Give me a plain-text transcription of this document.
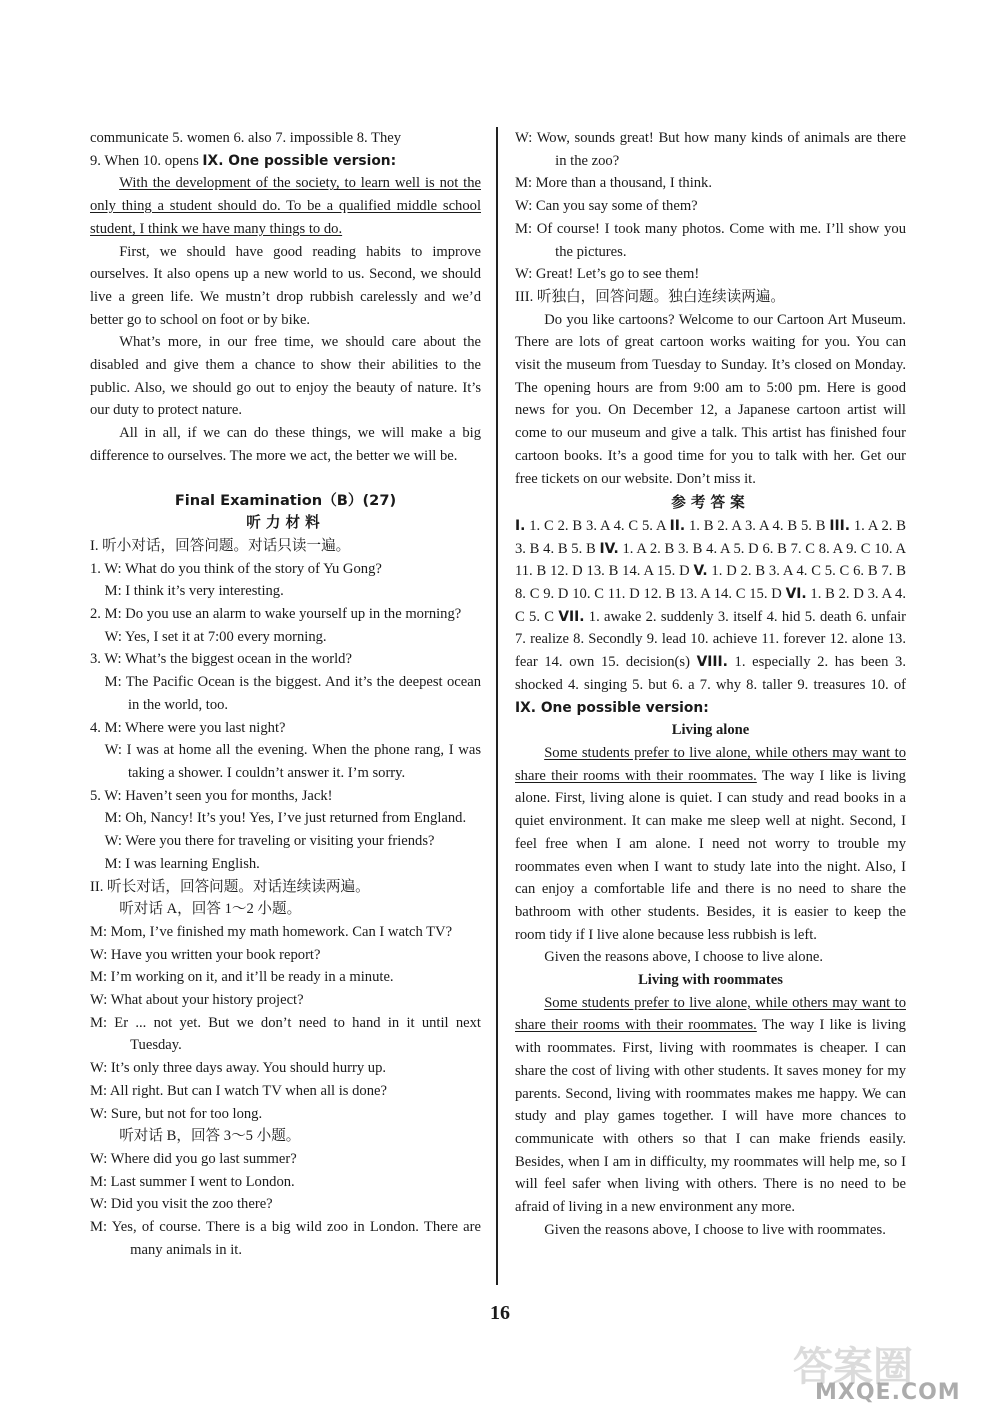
communicate 5. women 6. also 7. impossible 8. They

9. When 10. opens IX. One possible version:

With the development of the society, to learn well is not the only thing a student should do. To be a qualified middle school student, I think we have many things to do.

First, we should have good reading habits to improve ourselves. It also opens up a new world to us. Second, we should live a green life. We mustn’t drop rubbish carelessly and we’d better go to school on foot or by bike.

What’s more, in our free time, we should care about the disabled and give them a chance to show their abilities to the public. Also, we should go out to enjoy the beauty of nature. It’s our duty to protect nature.

All in all, if we can do these things, we will make a big difference to ourselves. The more we act, the better we will be.

Final Examination（B）(27)

听力材料

I. 听小对话，回答问题。对话只读一遍。

1. W: What do you think of the story of Yu Gong?

M: I think it’s very interesting.

2. M: Do you use an alarm to wake yourself up in the morning?

W: Yes, I set it at 7:00 every morning.

3. W: What’s the biggest ocean in the world?

M: The Pacific Ocean is the biggest. And it’s the deepest ocean in the world, too.

4. M: Where were you last night?

W: I was at home all the evening. When the phone rang, I was taking a shower. I couldn’t answer it. I’m sorry.

5. W: Haven’t seen you for months, Jack!

M: Oh, Nancy! It’s you! Yes, I’ve just returned from England.

W: Were you there for traveling or visiting your friends?

M: I was learning English.

II. 听长对话，回答问题。对话连续读两遍。

听对话 A，回答 1～2 小题。

M: Mom, I’ve finished my math homework. Can I watch TV?

W: Have you written your book report?

M: I’m working on it, and it’ll be ready in a minute.

W: What about your history project?

M: Er ... not yet. But we don’t need to hand in it until next Tuesday.

W: It’s only three days away. You should hurry up.

M: All right. But can I watch TV when all is done?

W: Sure, but not for too long.

听对话 B，回答 3～5 小题。

W: Where did you go last summer?

M: Last summer I went to London.

W: Did you visit the zoo there?

M: Yes, of course. There is a big wild zoo in London. There are many animals in it.

W: Wow, sounds great! But how many kinds of animals are there in the zoo?

M: More than a thousand, I think.

W: Can you say some of them?

M: Of course! I took many photos. Come with me. I’ll show you the pictures.

W: Great! Let’s go to see them!

III. 听独白，回答问题。独白连续读两遍。

Do you like cartoons? Welcome to our Cartoon Art Museum. There are lots of great cartoon works waiting for you. You can visit the museum from Tuesday to Sunday. It’s closed on Monday. The opening hours are from 9:00 am to 5:00 pm. Here is good news for you. On December 12, a Japanese cartoon artist will come to our museum and give a talk. This artist has finished four cartoon books. It’s a good time for you to talk with her. Get our free tickets on our website. Don’t miss it.

参考答案

I. 1. C 2. B 3. A 4. C 5. A II. 1. B 2. A 3. A 4. B 5. B III. 1. A 2. B 3. B 4. B 5. B IV. 1. A 2. B 3. B 4. A 5. D 6. B 7. C 8. A 9. C 10. A 11. B 12. D 13. B 14. A 15. D V. 1. D 2. B 3. A 4. C 5. C 6. B 7. B 8. C 9. D 10. C 11. D 12. B 13. A 14. C 15. D VI. 1. B 2. D 3. A 4. C 5. C VII. 1. awake 2. suddenly 3. itself 4. hid 5. death 6. unfair 7. realize 8. Secondly 9. lead 10. achieve 11. forever 12. alone 13. fear 14. own 15. decision(s) VIII. 1. especially 2. has been 3. shocked 4. singing 5. but 6. a 7. why 8. taller 9. treasures 10. of IX. One possible version:

Living alone

Some students prefer to live alone, while others may want to share their rooms with their roommates. The way I like is living alone. First, living alone is quiet. I can study and read books in a quiet environment. It can make me sleep well at night. Second, I feel free when I am alone. I need not worry to trouble my roommates even when I want to study late into the night. Also, I can enjoy a comfortable life and there is no need to share the bathroom with other students. Besides, it is easier to keep the room tidy if I live alone because less rubbish is left.

Given the reasons above, I choose to live alone.

Living with roommates

Some students prefer to live alone, while others may want to share their rooms with their roommates. The way I like is living with roommates. First, living with roommates is cheaper. I can share the cost of living with other students. It saves money for my parents. Second, living with roommates makes me happy. We can study and play games together. I will have more chances to communicate with others so that I can make friends easily. Besides, when I am in difficulty, my roommates will help me, so I will feel safer when living with others. There is no need to be afraid of living in a new environment any more.

Given the reasons above, I choose to live with roommates.

16
答案圈
MXQE.COM
